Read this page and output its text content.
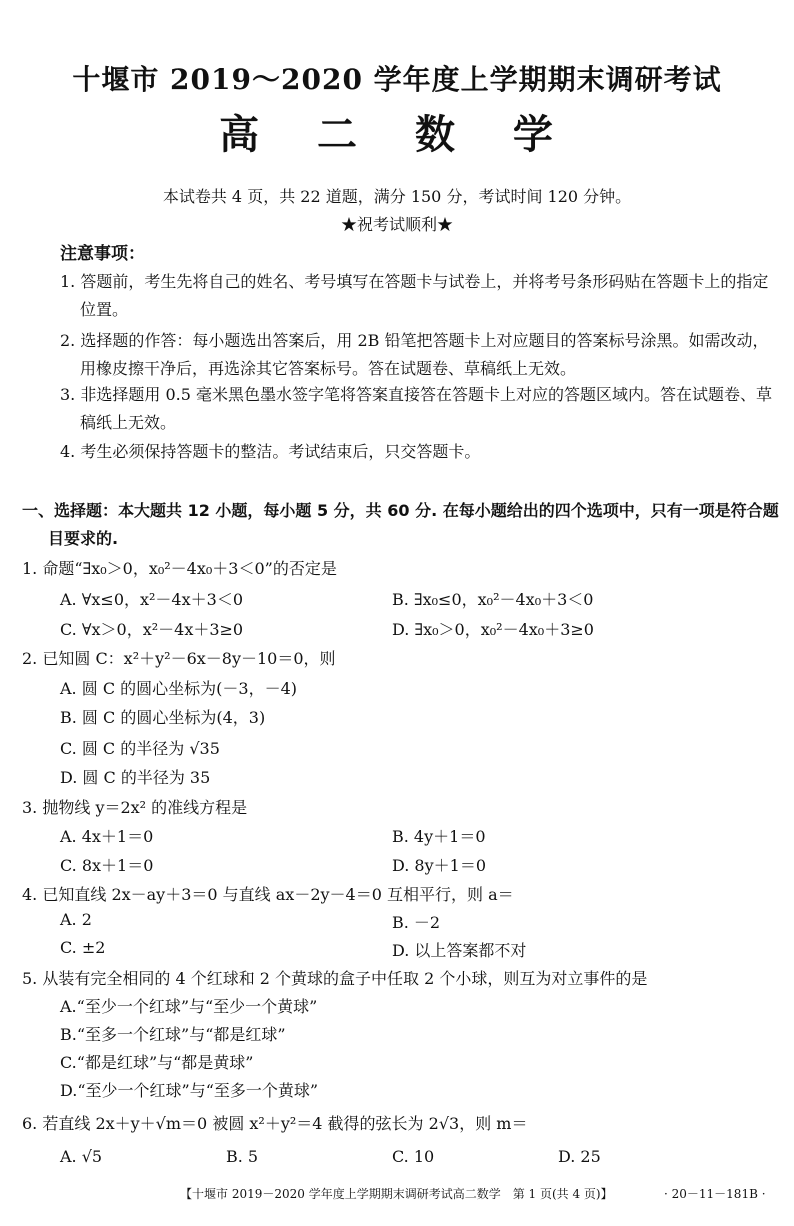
十堰市 2019～2020 学年度上学期期末调研考试
高 二 数 学
本试卷共 4 页，共 22 道题，满分 150 分，考试时间 120 分钟。
★祝考试顺利★
注意事项：
1. 答题前，考生先将自己的姓名、考号填写在答题卡与试卷上，并将考号条形码贴在答题卡上的指定位置。
2. 选择题的作答：每小题选出答案后，用 2B 铅笔把答题卡上对应题目的答案标号涂黑。如需改动，用橡皮擦干净后，再选涂其它答案标号。答在试题卷、草稿纸上无效。
3. 非选择题用 0.5 毫米黑色墨水签字笔将答案直接答在答题卡上对应的答题区域内。答在试题卷、草稿纸上无效。
4. 考生必须保持答题卡的整洁。考试结束后，只交答题卡。
一、选择题：本大题共 12 小题，每小题 5 分，共 60 分. 在每小题给出的四个选项中，只有一项是符合题目要求的.
1. 命题“∃x₀＞0，x₀²－4x₀＋3＜0”的否定是
A. ∀x≤0，x²－4x＋3＜0	B. ∃x₀≤0，x₀²－4x₀＋3＜0
C. ∀x＞0，x²－4x＋3≥0	D. ∃x₀＞0，x₀²－4x₀＋3≥0
2. 已知圆 C：x²＋y²－6x－8y－10＝0，则
A. 圆 C 的圆心坐标为(－3，－4)
B. 圆 C 的圆心坐标为(4，3)
C. 圆 C 的半径为 √35
D. 圆 C 的半径为 35
3. 抛物线 y＝2x² 的准线方程是
A. 4x＋1＝0	B. 4y＋1＝0
C. 8x＋1＝0	D. 8y＋1＝0
4. 已知直线 2x－ay＋3＝0 与直线 ax－2y－4＝0 互相平行，则 a＝
A. 2	B. －2
C. ±2	D. 以上答案都不对
5. 从装有完全相同的 4 个红球和 2 个黄球的盒子中任取 2 个小球，则互为对立事件的是
A.“至少一个红球”与“至少一个黄球”
B.“至多一个红球”与“都是红球”
C.“都是红球”与“都是黄球”
D.“至少一个红球”与“至多一个黄球”
6. 若直线 2x＋y＋√m＝0 被圆 x²＋y²＝4 截得的弦长为 2√3，则 m＝
A. √5	B. 5	C. 10	D. 25
【十堰市 2019－2020 学年度上学期期末调研考试高二数学　第 1 页(共 4 页)】	· 20－11－181B ·
